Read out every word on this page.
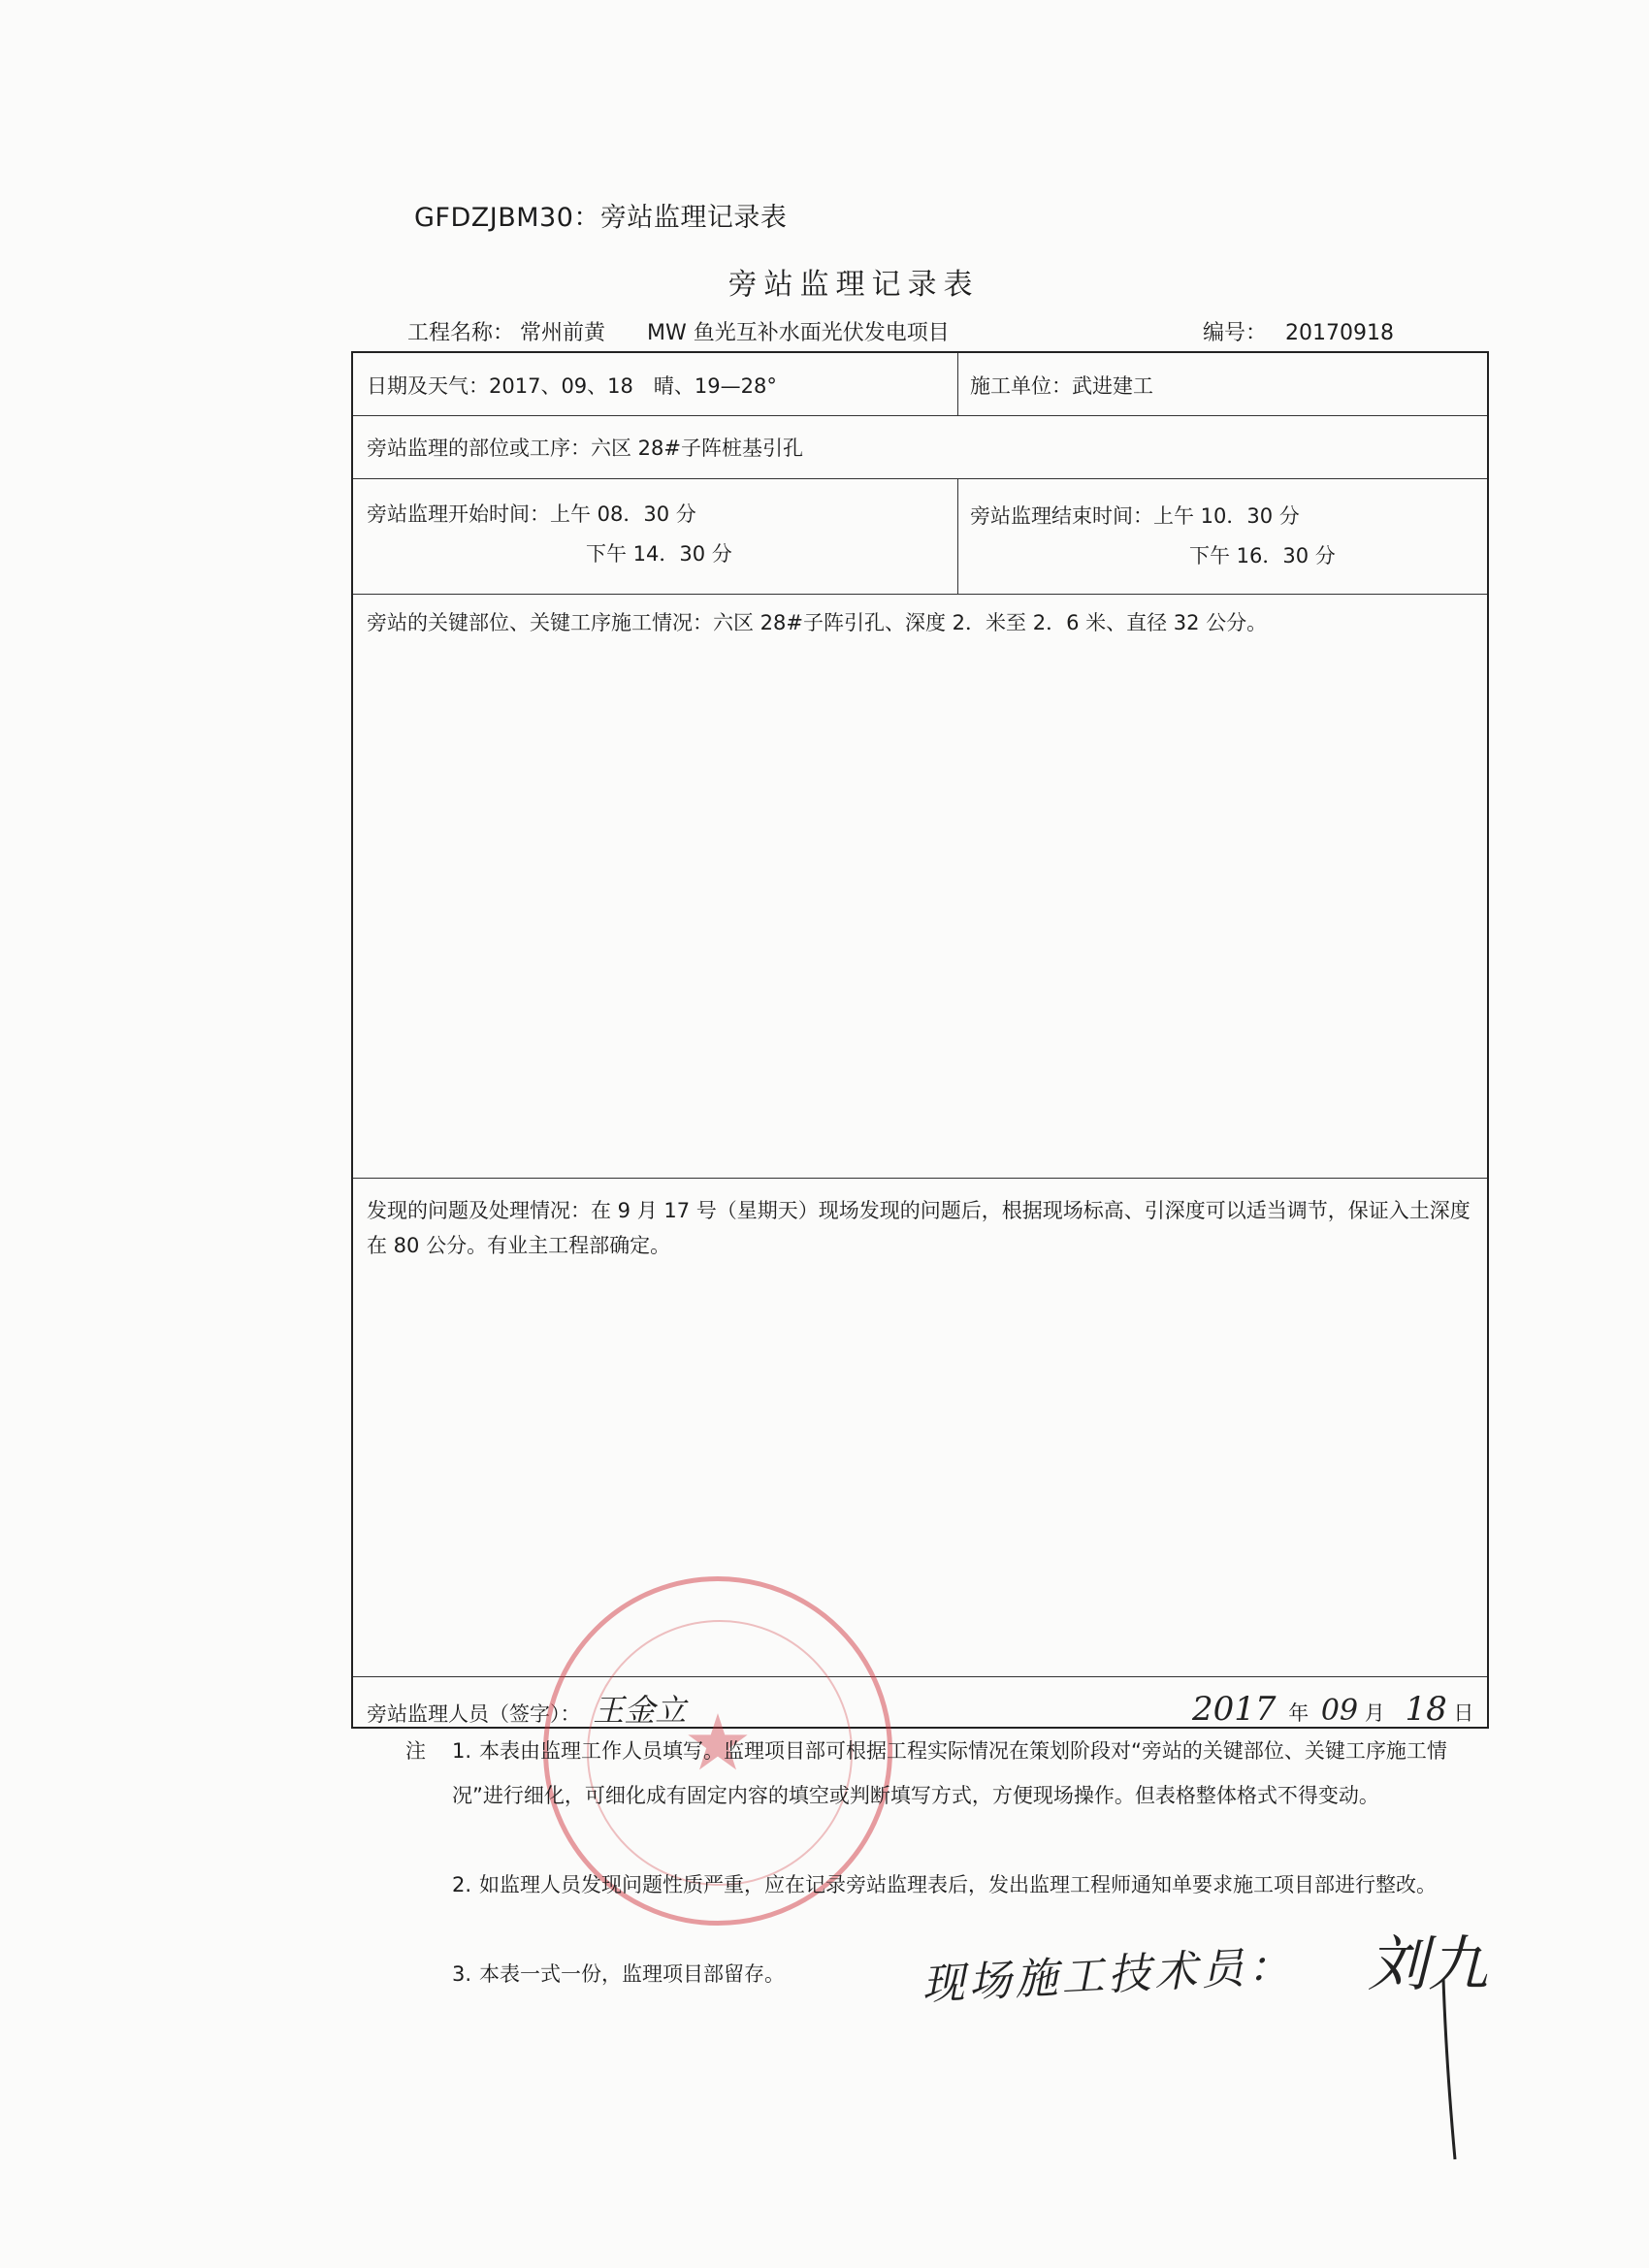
GFDZJBM30：旁站监理记录表
旁站监理记录表
工程名称： 常州前黄 MW 鱼光互补水面光伏发电项目	编号： 20170918
日期及天气：2017、09、18　晴、19—28°	施工单位：武进建工
旁站监理的部位或工序：六区 28#子阵桩基引孔
旁站监理开始时间：上午 08．30 分
下午 14．30 分
旁站监理结束时间：上午 10．30 分
下午 16．30 分
旁站的关键部位、关键工序施工情况：六区 28#子阵引孔、深度 2．米至 2．6 米、直径 32 公分。
发现的问题及处理情况：在 9 月 17 号（星期天）现场发现的问题后，根据现场标高、引深度可以适当调节，保证入土深度在 80 公分。有业主工程部确定。
旁站监理人员（签字）： 王金立	2017 年 09 月 18 日
★
注 1. 本表由监理工作人员填写。监理项目部可根据工程实际情况在策划阶段对“旁站的关键部位、关键工序施工情况”进行细化，可细化成有固定内容的填空或判断填写方式，方便现场操作。但表格整体格式不得变动。
2. 如监理人员发现问题性质严重，应在记录旁站监理表后，发出监理工程师通知单要求施工项目部进行整改。
3. 本表一式一份，监理项目部留存。	现场施工技术员： 刘九
